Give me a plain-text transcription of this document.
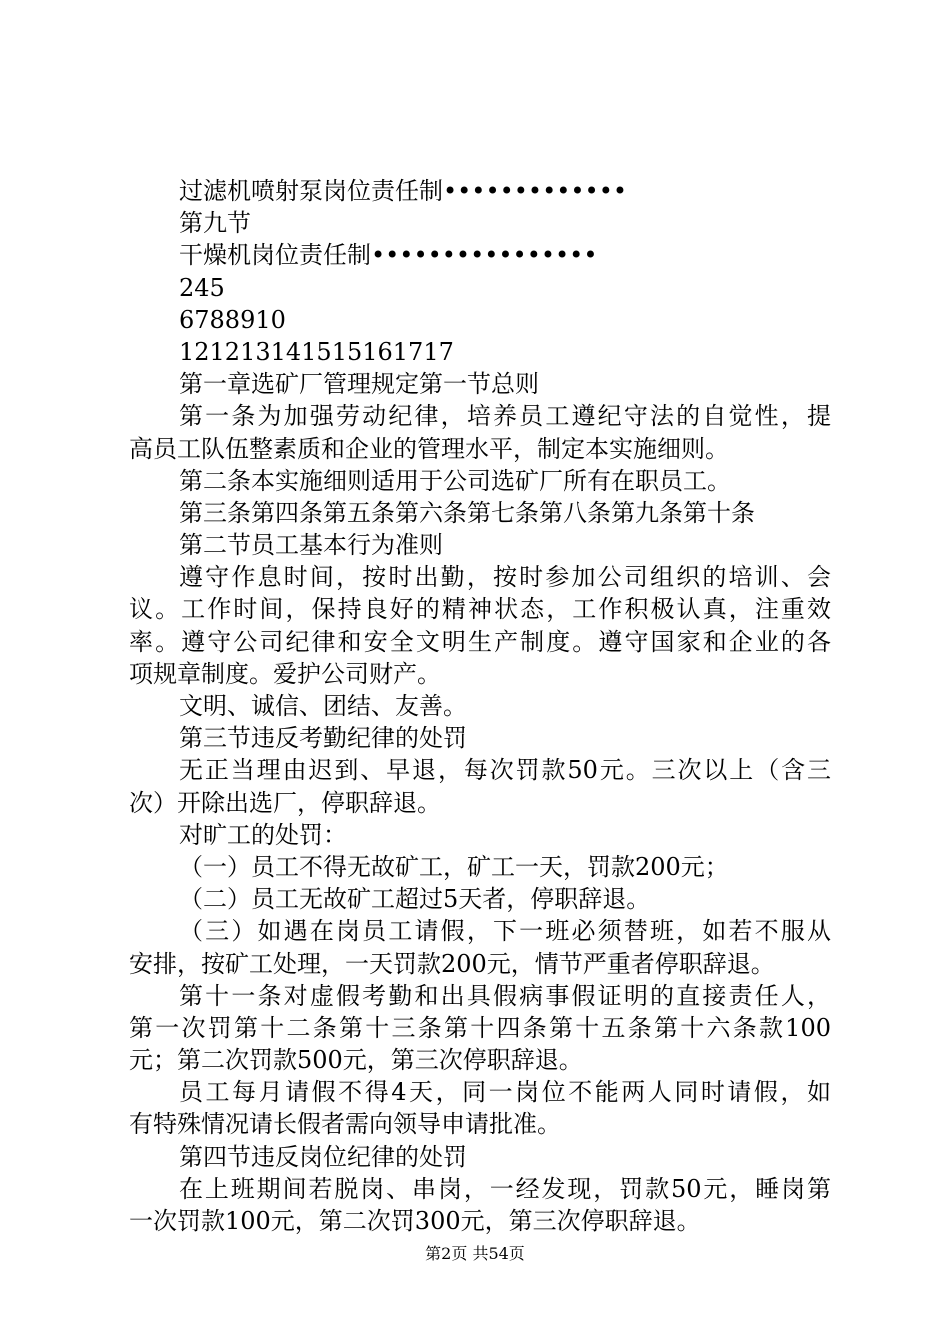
过滤机喷射泵岗位责任制•••••••••••••
第九节
干燥机岗位责任制••••••••••••••••
245
6788910
121213141515161717
第一章选矿厂管理规定第一节总则
第一条为加强劳动纪律，培养员工遵纪守法的自觉性，提
高员工队伍整素质和企业的管理水平，制定本实施细则。
第二条本实施细则适用于公司选矿厂所有在职员工。
第三条第四条第五条第六条第七条第八条第九条第十条
第二节员工基本行为准则
遵守作息时间，按时出勤，按时参加公司组织的培训、会
议。工作时间，保持良好的精神状态，工作积极认真，注重效
率。遵守公司纪律和安全文明生产制度。遵守国家和企业的各
项规章制度。爱护公司财产。
文明、诚信、团结、友善。
第三节违反考勤纪律的处罚
无正当理由迟到、早退，每次罚款50元。三次以上（含三
次）开除出选厂，停职辞退。
对旷工的处罚：
（一）员工不得无故矿工，矿工一天，罚款200元；
（二）员工无故矿工超过5天者，停职辞退。
（三）如遇在岗员工请假，下一班必须替班，如若不服从
安排，按矿工处理，一天罚款200元，情节严重者停职辞退。
第十一条对虚假考勤和出具假病事假证明的直接责任人，
第一次罚第十二条第十三条第十四条第十五条第十六条款100
元；第二次罚款500元，第三次停职辞退。
员工每月请假不得4天，同一岗位不能两人同时请假，如
有特殊情况请长假者需向领导申请批准。
第四节违反岗位纪律的处罚
在上班期间若脱岗、串岗，一经发现，罚款50元，睡岗第
一次罚款100元，第二次罚300元，第三次停职辞退。
第2页 共54页
